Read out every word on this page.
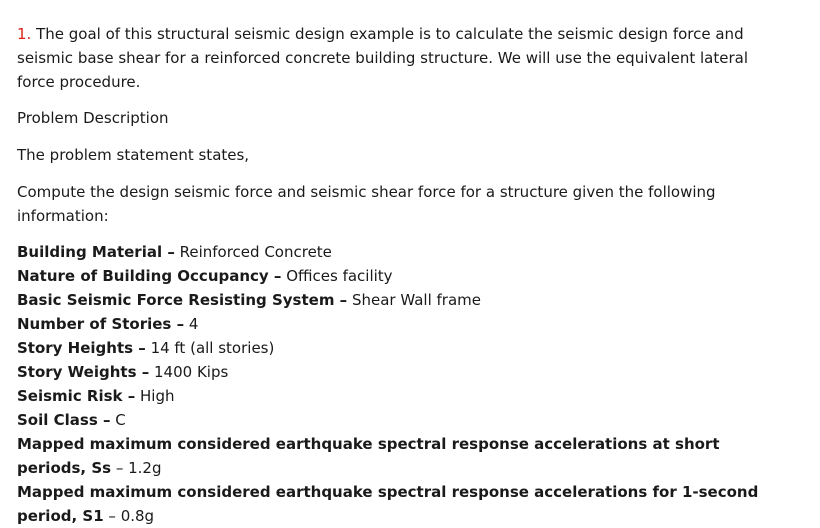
1. The goal of this structural seismic design example is to calculate the seismic design force and seismic base shear for a reinforced concrete building structure. We will use the equivalent lateral force procedure.

Problem Description

The problem statement states,

Compute the design seismic force and seismic shear force for a structure given the following information:

Building Material – Reinforced Concrete
Nature of Building Occupancy – Offices facility
Basic Seismic Force Resisting System – Shear Wall frame
Number of Stories – 4
Story Heights – 14 ft (all stories)
Story Weights – 1400 Kips
Seismic Risk – High
Soil Class – C
Mapped maximum considered earthquake spectral response accelerations at short periods, Ss – 1.2g
Mapped maximum considered earthquake spectral response accelerations for 1-second period, S1 – 0.8g
